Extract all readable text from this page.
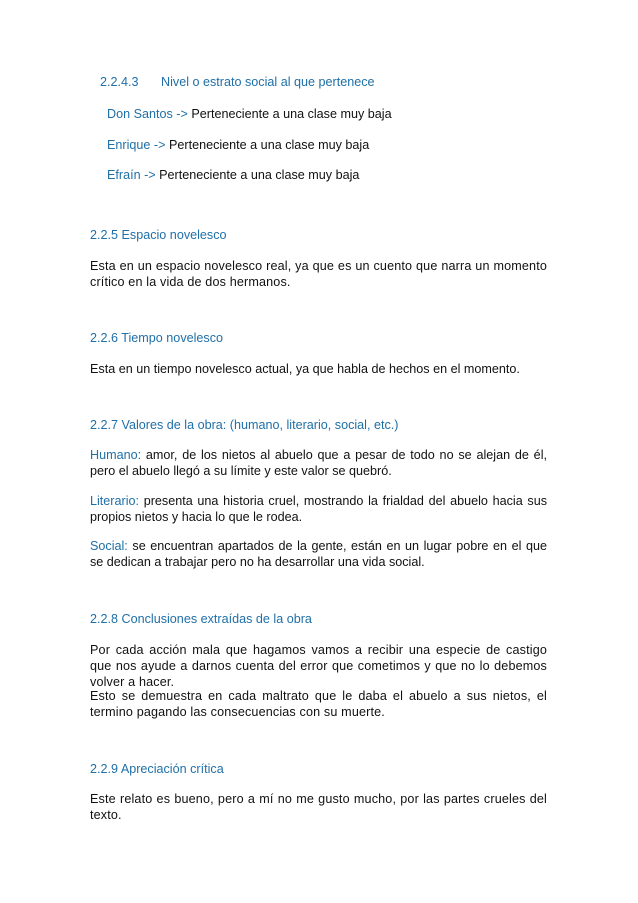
2.2.4.3 Nivel o estrato social al que pertenece
Don Santos -> Perteneciente a una clase muy baja
Enrique -> Perteneciente a una clase muy baja
Efraín -> Perteneciente a una clase muy baja
2.2.5 Espacio novelesco

Esta en un espacio novelesco real, ya que es un cuento que narra un momento crítico en la vida de dos hermanos.

2.2.6 Tiempo novelesco

Esta en un tiempo novelesco actual, ya que habla de hechos en el momento.

2.2.7 Valores de la obra: (humano, literario, social, etc.)

Humano: amor, de los nietos al abuelo que a pesar de todo no se alejan de él, pero el abuelo llegó a su límite y este valor se quebró.

Literario: presenta una historia cruel, mostrando la frialdad del abuelo hacia sus propios nietos y hacia lo que le rodea.

Social: se encuentran apartados de la gente, están en un lugar pobre en el que se dedican a trabajar pero no ha desarrollar una vida social.

2.2.8 Conclusiones extraídas de la obra

Por cada acción mala que hagamos vamos a recibir una especie de castigo que nos ayude a darnos cuenta del error que cometimos y que no lo debemos volver a hacer.

Esto se demuestra en cada maltrato que le daba el abuelo a sus nietos, el termino pagando las consecuencias con su muerte.

2.2.9 Apreciación crítica

Este relato es bueno, pero a mí no me gusto mucho, por las partes crueles del texto.
